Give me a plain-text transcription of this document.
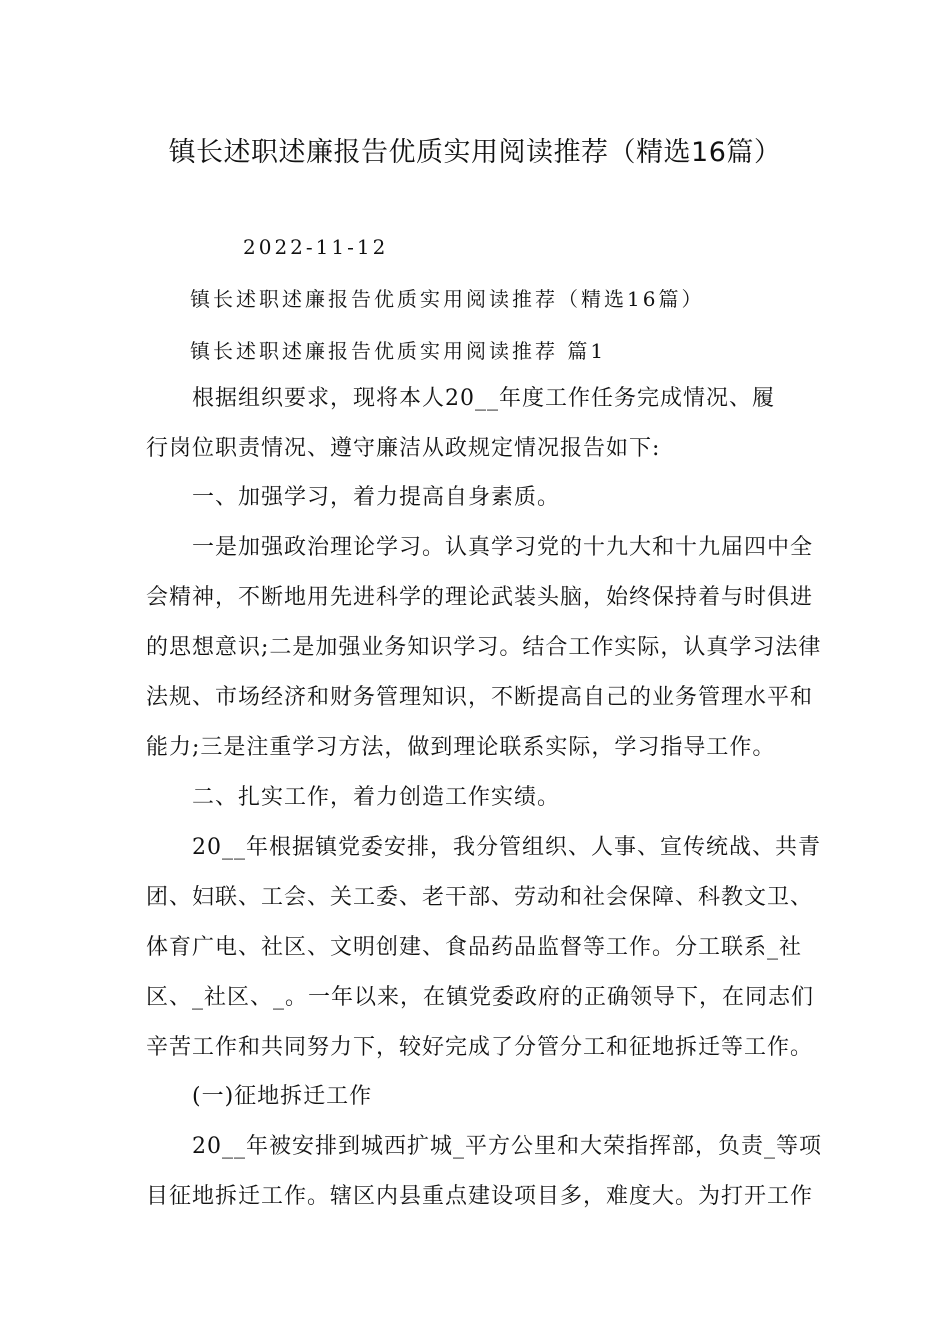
镇长述职述廉报告优质实用阅读推荐（精选16篇）
2022-11-12
镇长述职述廉报告优质实用阅读推荐（精选16篇）
镇长述职述廉报告优质实用阅读推荐 篇1
　　根据组织要求，现将本人20__年度工作任务完成情况、履
行岗位职责情况、遵守廉洁从政规定情况报告如下:
　　一、加强学习，着力提高自身素质。
　　一是加强政治理论学习。认真学习党的十九大和十九届四中全
会精神，不断地用先进科学的理论武装头脑，始终保持着与时俱进
的思想意识;二是加强业务知识学习。结合工作实际，认真学习法律
法规、市场经济和财务管理知识，不断提高自己的业务管理水平和
能力;三是注重学习方法，做到理论联系实际，学习指导工作。
　　二、扎实工作，着力创造工作实绩。
　　20__年根据镇党委安排，我分管组织、人事、宣传统战、共青
团、妇联、工会、关工委、老干部、劳动和社会保障、科教文卫、
体育广电、社区、文明创建、食品药品监督等工作。分工联系_社
区、_社区、_。一年以来，在镇党委政府的正确领导下，在同志们
辛苦工作和共同努力下，较好完成了分管分工和征地拆迁等工作。
　　(一)征地拆迁工作
　　20__年被安排到城西扩城_平方公里和大荣指挥部，负责_等项
目征地拆迁工作。辖区内县重点建设项目多，难度大。为打开工作
